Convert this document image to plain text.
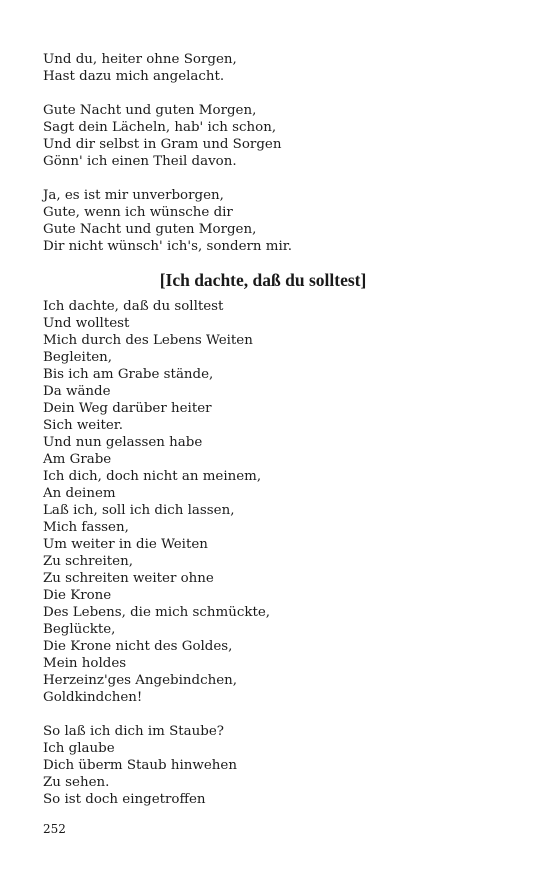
Und du, heiter ohne Sorgen,
Hast dazu mich angelacht.
Gute Nacht und guten Morgen,
Sagt dein Lächeln, hab' ich schon,
Und dir selbst in Gram und Sorgen
Gönn' ich einen Theil davon.
Ja, es ist mir unverborgen,
Gute, wenn ich wünsche dir
Gute Nacht und guten Morgen,
Dir nicht wünsch' ich's, sondern mir.
[Ich dachte, daß du solltest]
Ich dachte, daß du solltest
Und wolltest
Mich durch des Lebens Weiten
Begleiten,
Bis ich am Grabe stände,
Da wände
Dein Weg darüber heiter
Sich weiter.
Und nun gelassen habe
Am Grabe
Ich dich, doch nicht an meinem,
An deinem
Laß ich, soll ich dich lassen,
Mich fassen,
Um weiter in die Weiten
Zu schreiten,
Zu schreiten weiter ohne
Die Krone
Des Lebens, die mich schmückte,
Beglückte,
Die Krone nicht des Goldes,
Mein holdes
Herzeinz'ges Angebindchen,
Goldkindchen!
So laß ich dich im Staube?
Ich glaube
Dich überm Staub hinwehen
Zu sehen.
So ist doch eingetroffen
252
